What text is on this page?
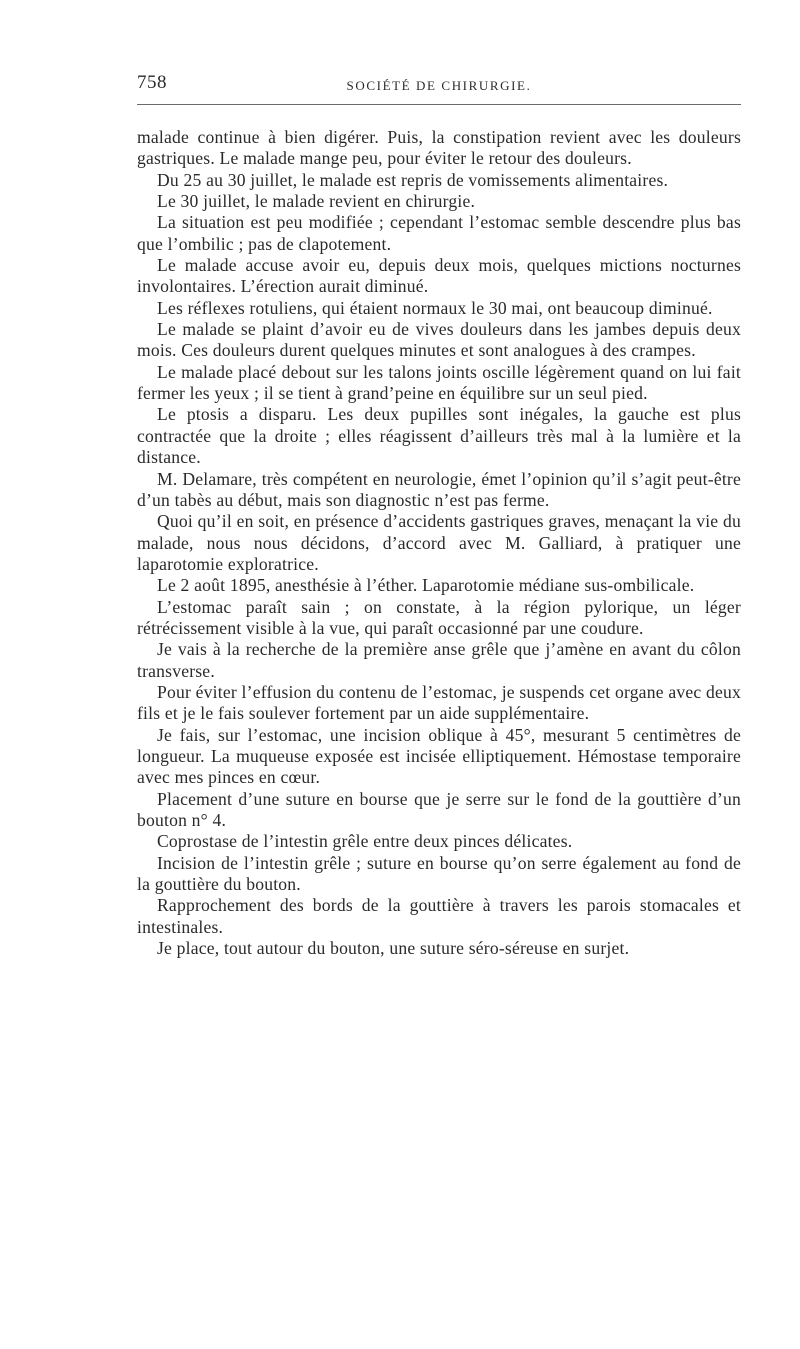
758	SOCIÉTÉ DE CHIRURGIE.

malade continue à bien digérer. Puis, la constipation revient avec les douleurs gastriques. Le malade mange peu, pour éviter le retour des douleurs.

Du 25 au 30 juillet, le malade est repris de vomissements alimentaires.

Le 30 juillet, le malade revient en chirurgie.

La situation est peu modifiée ; cependant l’estomac semble descendre plus bas que l’ombilic ; pas de clapotement.

Le malade accuse avoir eu, depuis deux mois, quelques mictions nocturnes involontaires. L’érection aurait diminué.

Les réflexes rotuliens, qui étaient normaux le 30 mai, ont beaucoup diminué.

Le malade se plaint d’avoir eu de vives douleurs dans les jambes depuis deux mois. Ces douleurs durent quelques minutes et sont analogues à des crampes.

Le malade placé debout sur les talons joints oscille légèrement quand on lui fait fermer les yeux ; il se tient à grand’peine en équilibre sur un seul pied.

Le ptosis a disparu. Les deux pupilles sont inégales, la gauche est plus contractée que la droite ; elles réagissent d’ailleurs très mal à la lumière et la distance.

M. Delamare, très compétent en neurologie, émet l’opinion qu’il s’agit peut-être d’un tabès au début, mais son diagnostic n’est pas ferme.

Quoi qu’il en soit, en présence d’accidents gastriques graves, menaçant la vie du malade, nous nous décidons, d’accord avec M. Galliard, à pratiquer une laparotomie exploratrice.

Le 2 août 1895, anesthésie à l’éther. Laparotomie médiane sus-ombilicale.

L’estomac paraît sain ; on constate, à la région pylorique, un léger rétrécissement visible à la vue, qui paraît occasionné par une coudure.

Je vais à la recherche de la première anse grêle que j’amène en avant du côlon transverse.

Pour éviter l’effusion du contenu de l’estomac, je suspends cet organe avec deux fils et je le fais soulever fortement par un aide supplémentaire.

Je fais, sur l’estomac, une incision oblique à 45°, mesurant 5 centimètres de longueur. La muqueuse exposée est incisée elliptiquement. Hémostase temporaire avec mes pinces en cœur.

Placement d’une suture en bourse que je serre sur le fond de la gouttière d’un bouton n° 4.

Coprostase de l’intestin grêle entre deux pinces délicates.

Incision de l’intestin grêle ; suture en bourse qu’on serre également au fond de la gouttière du bouton.

Rapprochement des bords de la gouttière à travers les parois stomacales et intestinales.

Je place, tout autour du bouton, une suture séro-séreuse en surjet.
